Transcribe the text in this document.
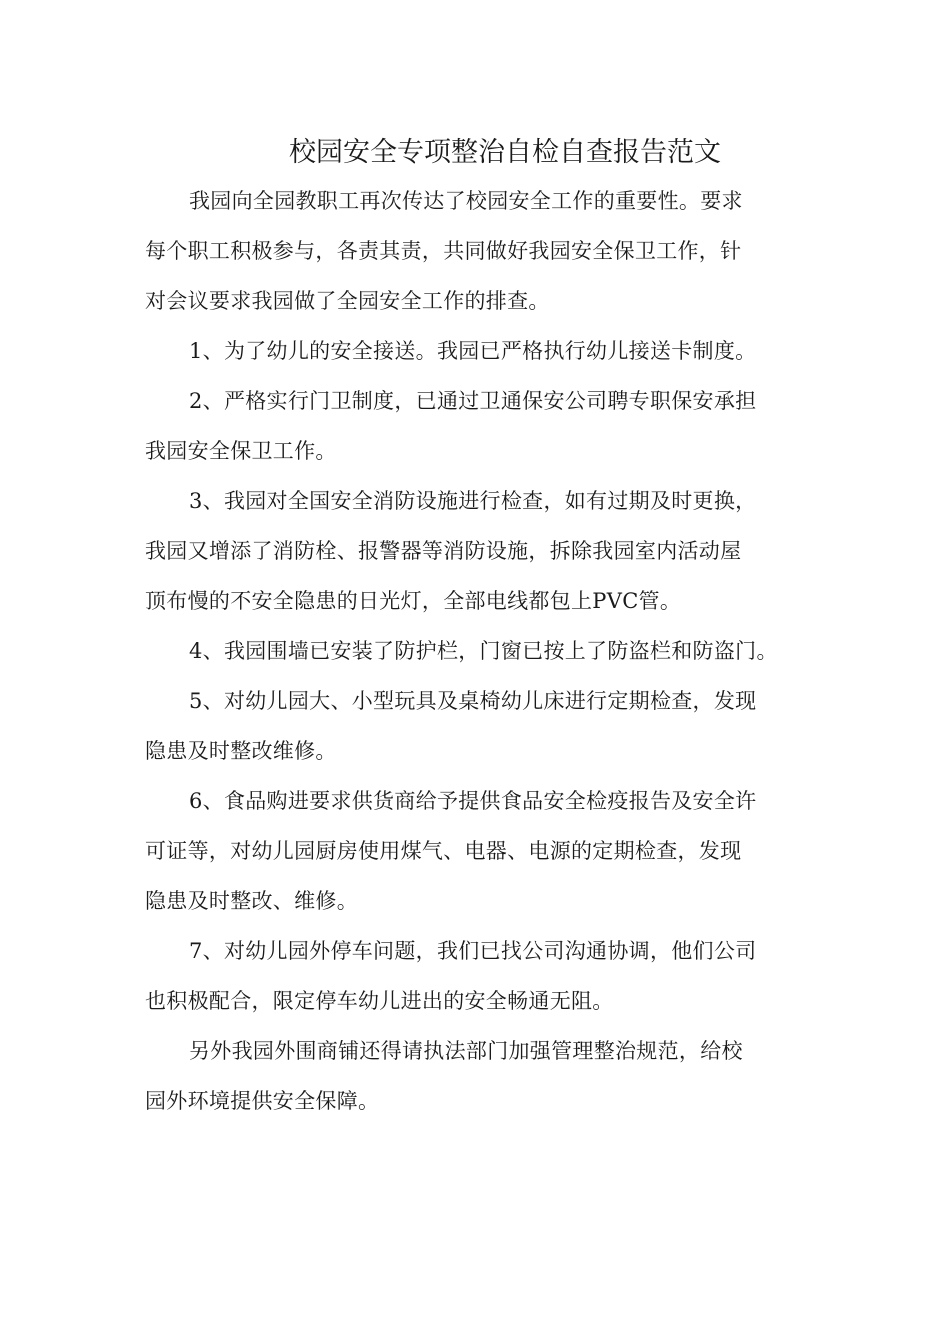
校园安全专项整治自检自查报告范文

我园向全园教职工再次传达了校园安全工作的重要性。要求
每个职工积极参与，各责其责，共同做好我园安全保卫工作，针
对会议要求我园做了全园安全工作的排查。

1、为了幼儿的安全接送。我园已严格执行幼儿接送卡制度。

2、严格实行门卫制度，已通过卫通保安公司聘专职保安承担
我园安全保卫工作。

3、我园对全国安全消防设施进行检查，如有过期及时更换，
我园又增添了消防栓、报警器等消防设施，拆除我园室内活动屋
顶布慢的不安全隐患的日光灯，全部电线都包上PVC管。

4、我园围墙已安装了防护栏，门窗已按上了防盗栏和防盗门。

5、对幼儿园大、小型玩具及桌椅幼儿床进行定期检查，发现
隐患及时整改维修。

6、食品购进要求供货商给予提供食品安全检疫报告及安全许
可证等，对幼儿园厨房使用煤气、电器、电源的定期检查，发现
隐患及时整改、维修。

7、对幼儿园外停车问题，我们已找公司沟通协调，他们公司
也积极配合，限定停车幼儿进出的安全畅通无阻。

另外我园外围商铺还得请执法部门加强管理整治规范，给校
园外环境提供安全保障。
